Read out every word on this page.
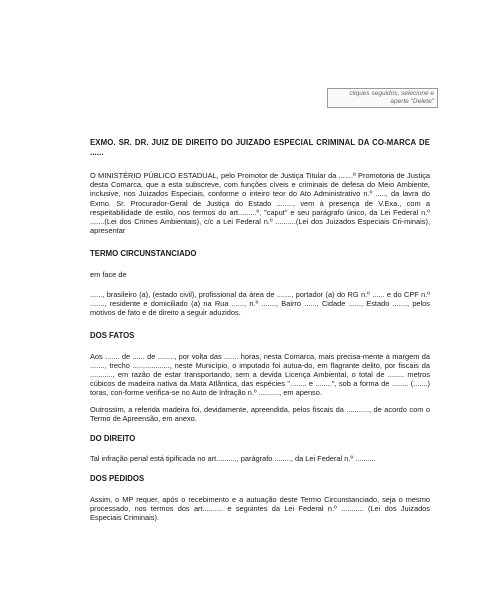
cliques seguidos, selecione e
aperte "Delete"

EXMO. SR. DR. JUIZ DE DIREITO DO JUIZADO ESPECIAL CRIMINAL DA CO-MARCA DE ......

O MINISTÉRIO PÚBLICO ESTADUAL, pelo Promotor de Justiça Titular da .......ª Promotoria de Justiça desta Comarca, que a esta subscreve, com funções cíveis e criminais de defesa do Meio Ambiente, inclusive, nos Juizados Especiais, conforme o inteiro teor do Ato Administrativo n.º ....., da lavra do Exmo. Sr. Procurador-Geral de Justiça do Estado ........, vem à presença de V.Exa., com a respeitabilidade de estilo, nos termos do art.........º, "caput" e seu parágrafo único, da Lei Federal n.º .......(Lei dos Crimes Ambientais), c/c a Lei Federal n.º ..........(Lei dos Juizados Especiais Cri-minais), apresentar

TERMO CIRCUNSTANCIADO

em face de

......, brasileiro (a), (estado civil), profissional da área de ......., portador (a) do RG n.º ...... e do CPF n.º ......., residente e domiciliado (a) na Rua ......, n.º ......., Bairro ......, Cidade ......, Estado ......., pelos motivos de fato e de direito a seguir aduzidos.

DOS FATOS

Aos ....... de ...... de ........, por volta das ....... horas, nesta Comarca, mais precisa-mente à margem da ......., trecho .................., neste Município, o imputado foi autua-do, em flagrante delito, por fiscais da ..........., em razão de estar transportando, sem a devida Licença Ambiental, o total de ........ metros cúbicos de madeira nativa da Mata Atlântica, das espécies "........ e ........", sob a forma de ........ (.......) toras, con-forme verifica-se no Auto de Infração n.º .........., em apenso.

Outrossim, a referida madeira foi, devidamente, apreendida, pelos fiscais da ..........., de acordo com o Termo de Apreensão, em anexo.

DO DIREITO

Tal infração penal está tipificada no art.........., parágrafo ........, da Lei Federal n.º ..........

DOS PEDIDOS

Assim, o MP requer, após o recebimento e a autuação deste Termo Circunstanciado, seja o mesmo processado, nos termos dos art.......... e seguintes da Lei Federal n.º ........... (Lei dos Juizados Especiais Criminais).
